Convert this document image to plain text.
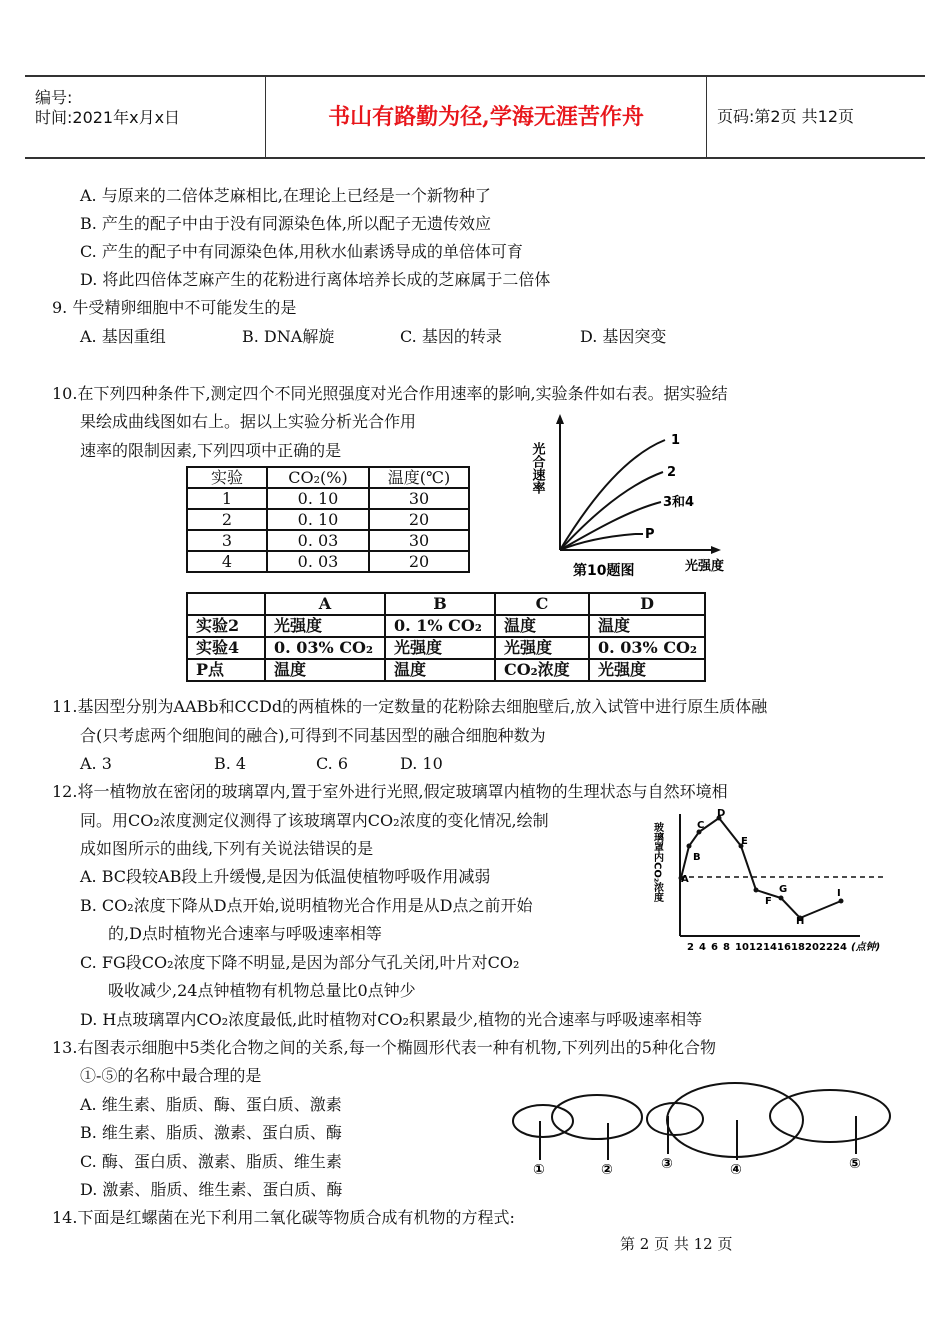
编号:
时间:2021年x月x日	书山有路勤为径,学海无涯苦作舟	页码:第2页 共12页
A. 与原来的二倍体芝麻相比,在理论上已经是一个新物种了
B. 产生的配子中由于没有同源染色体,所以配子无遗传效应
C. 产生的配子中有同源染色体,用秋水仙素诱导成的单倍体可育
D. 将此四倍体芝麻产生的花粉进行离体培养长成的芝麻属于二倍体
9. 牛受精卵细胞中不可能发生的是
A. 基因重组	B. DNA解旋	C. 基因的转录	D. 基因突变
10.在下列四种条件下,测定四个不同光照强度对光合作用速率的影响,实验条件如右表。据实验结
果绘成曲线图如右上。据以上实验分析光合作用
速率的限制因素,下列四项中正确的是
实验	CO₂(%)	温度(℃)
1	0. 10	30
2	0. 10	20
3	0. 03	30
4	0. 03	20
光合速率
1
2
3和4
P
第10题图	光强度
	A	B	C	D
实验2	光强度	0. 1% CO₂	温度	温度
实验4	0. 03% CO₂	光强度	光强度	0. 03% CO₂
P点	温度	温度	CO₂浓度	光强度
11.基因型分别为AABb和CCDd的两植株的一定数量的花粉除去细胞壁后,放入试管中进行原生质体融
合(只考虑两个细胞间的融合),可得到不同基因型的融合细胞种数为
A. 3	B. 4	C. 6	D. 10
12.将一植物放在密闭的玻璃罩内,置于室外进行光照,假定玻璃罩内植物的生理状态与自然环境相
同。用CO₂浓度测定仪测得了该玻璃罩内CO₂浓度的变化情况,绘制
成如图所示的曲线,下列有关说法错误的是
A. BC段较AB段上升缓慢,是因为低温使植物呼吸作用减弱
B. CO₂浓度下降从D点开始,说明植物光合作用是从D点之前开始
的,D点时植物光合速率与呼吸速率相等
C. FG段CO₂浓度下降不明显,是因为部分气孔关闭,叶片对CO₂
吸收减少,24点钟植物有机物总量比0点钟少
D. H点玻璃罩内CO₂浓度最低,此时植物对CO₂积累最少,植物的光合速率与呼吸速率相等
玻璃罩内CO₂浓度 A
B
C
D
E
F
G
H
I
2 4 6 8 10 12 14 16 18 20 22 24 (点钟)
13.右图表示细胞中5类化合物之间的关系,每一个椭圆形代表一种有机物,下列列出的5种化合物
①-⑤的名称中最合理的是
A. 维生素、脂质、酶、蛋白质、激素
B. 维生素、脂质、激素、蛋白质、酶
C. 酶、蛋白质、激素、脂质、维生素
D. 激素、脂质、维生素、蛋白质、酶
①	②	③	④	⑤
14.下面是红螺菌在光下利用二氧化碳等物质合成有机物的方程式:
第 2 页 共 12 页
